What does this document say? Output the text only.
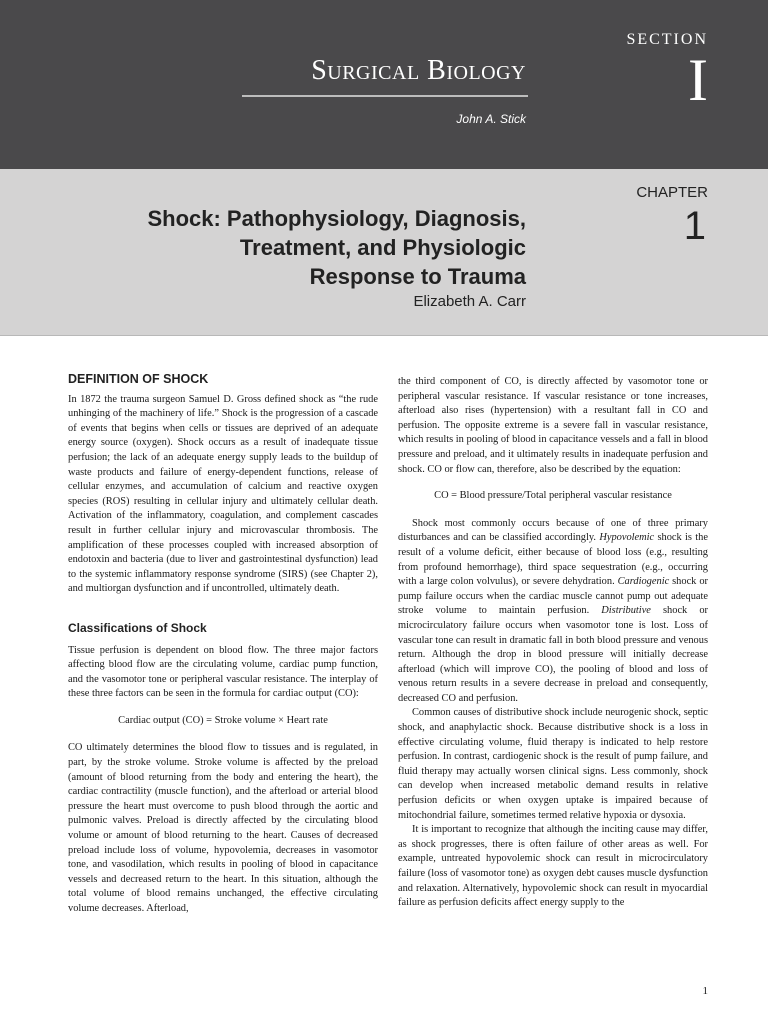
SECTION
I
Surgical Biology
John A. Stick
CHAPTER
1
Shock: Pathophysiology, Diagnosis,
Treatment, and Physiologic
Response to Trauma
Elizabeth A. Carr
DEFINITION OF SHOCK

In 1872 the trauma surgeon Samuel D. Gross defined shock as “the rude unhinging of the machinery of life.” Shock is the progression of a cascade of events that begins when cells or tissues are deprived of an adequate energy source (oxygen). Shock occurs as a result of inadequate tissue perfusion; the lack of an adequate energy supply leads to the buildup of waste products and failure of energy-dependent functions, release of cellular enzymes, and accumulation of calcium and reactive oxygen species (ROS) resulting in cellular injury and ultimately cellular death. Activation of the inflammatory, coagulation, and complement cascades result in further cellular injury and microvascular thrombosis. The amplification of these processes coupled with increased absorption of endotoxin and bacteria (due to liver and gastrointestinal dysfunction) lead to the systemic inflammatory response syndrome (SIRS) (see Chapter 2), and multiorgan dysfunction and if uncontrolled, ultimately death.

Classifications of Shock

Tissue perfusion is dependent on blood flow. The three major factors affecting blood flow are the circulating volume, cardiac pump function, and the vasomotor tone or peripheral vascular resistance. The interplay of these three factors can be seen in the formula for cardiac output (CO):

Cardiac output (CO) = Stroke volume × Heart rate

CO ultimately determines the blood flow to tissues and is regulated, in part, by the stroke volume. Stroke volume is affected by the preload (amount of blood returning from the body and entering the heart), the cardiac contractility (muscle function), and the afterload or arterial blood pressure the heart must overcome to push blood through the aortic and pulmonic valves. Preload is directly affected by the circulating blood volume or amount of blood returning to the heart. Causes of decreased preload include loss of volume, hypovolemia, decreases in vasomotor tone, and vasodilation, which results in pooling of blood in capacitance vessels and decreased return to the heart. In this situation, although the total volume of blood remains unchanged, the effective circulating volume decreases. Afterload,

the third component of CO, is directly affected by vasomotor tone or peripheral vascular resistance. If vascular resistance or tone increases, afterload also rises (hypertension) with a resultant fall in CO and perfusion. The opposite extreme is a severe fall in vascular resistance, which results in pooling of blood in capacitance vessels and a fall in blood pressure and preload, and it ultimately results in inadequate perfusion and shock. CO or flow can, therefore, also be described by the equation:

CO = Blood pressure/Total peripheral vascular resistance

Shock most commonly occurs because of one of three primary disturbances and can be classified accordingly. Hypovolemic shock is the result of a volume deficit, either because of blood loss (e.g., resulting from profound hemorrhage), third space sequestration (e.g., occurring with a large colon volvulus), or severe dehydration. Cardiogenic shock or pump failure occurs when the cardiac muscle cannot pump out adequate stroke volume to maintain perfusion. Distributive shock or microcirculatory failure occurs when vasomotor tone is lost. Loss of vascular tone can result in dramatic fall in both blood pressure and venous return. Although the drop in blood pressure will initially decrease afterload (which will improve CO), the pooling of blood and loss of venous return results in a severe decrease in preload and consequently, decreased CO and perfusion.

Common causes of distributive shock include neurogenic shock, septic shock, and anaphylactic shock. Because distributive shock is a loss in effective circulating volume, fluid therapy is indicated to help restore perfusion. In contrast, cardiogenic shock is the result of pump failure, and fluid therapy may actually worsen clinical signs. Less commonly, shock can develop when increased metabolic demand results in relative perfusion deficits or when oxygen uptake is impaired because of mitochondrial failure, sometimes termed relative hypoxia or dysoxia.

It is important to recognize that although the inciting cause may differ, as shock progresses, there is often failure of other areas as well. For example, untreated hypovolemic shock can result in microcirculatory failure (loss of vasomotor tone) as oxygen debt causes muscle dysfunction and relaxation. Alternatively, hypovolemic shock can result in myocardial failure as perfusion deficits affect energy supply to the

1
